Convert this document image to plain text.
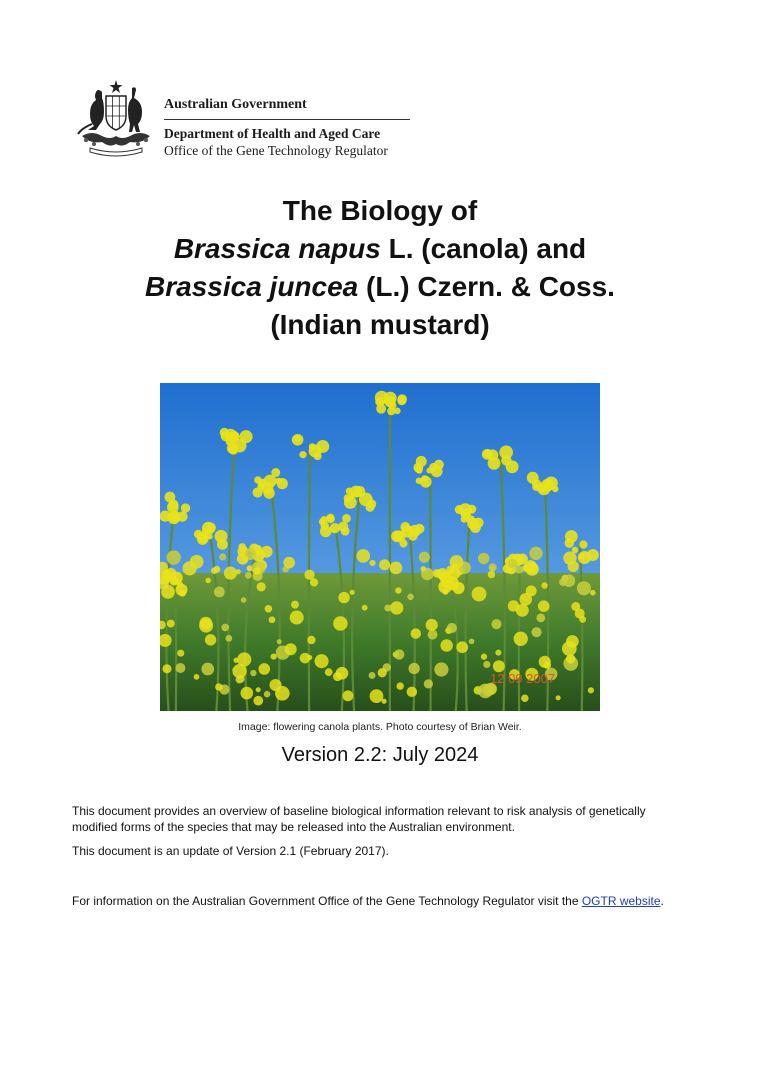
Australian Government
Department of Health and Aged Care
Office of the Gene Technology Regulator
The Biology of
Brassica napus L. (canola) and
Brassica juncea (L.) Czern. & Coss.
(Indian mustard)
12 09 2007
Image: flowering canola plants. Photo courtesy of Brian Weir.
Version 2.2: July 2024

This document provides an overview of baseline biological information relevant to risk analysis of genetically modified forms of the species that may be released into the Australian environment.

This document is an update of Version 2.1 (February 2017).

For information on the Australian Government Office of the Gene Technology Regulator visit the OGTR website.
